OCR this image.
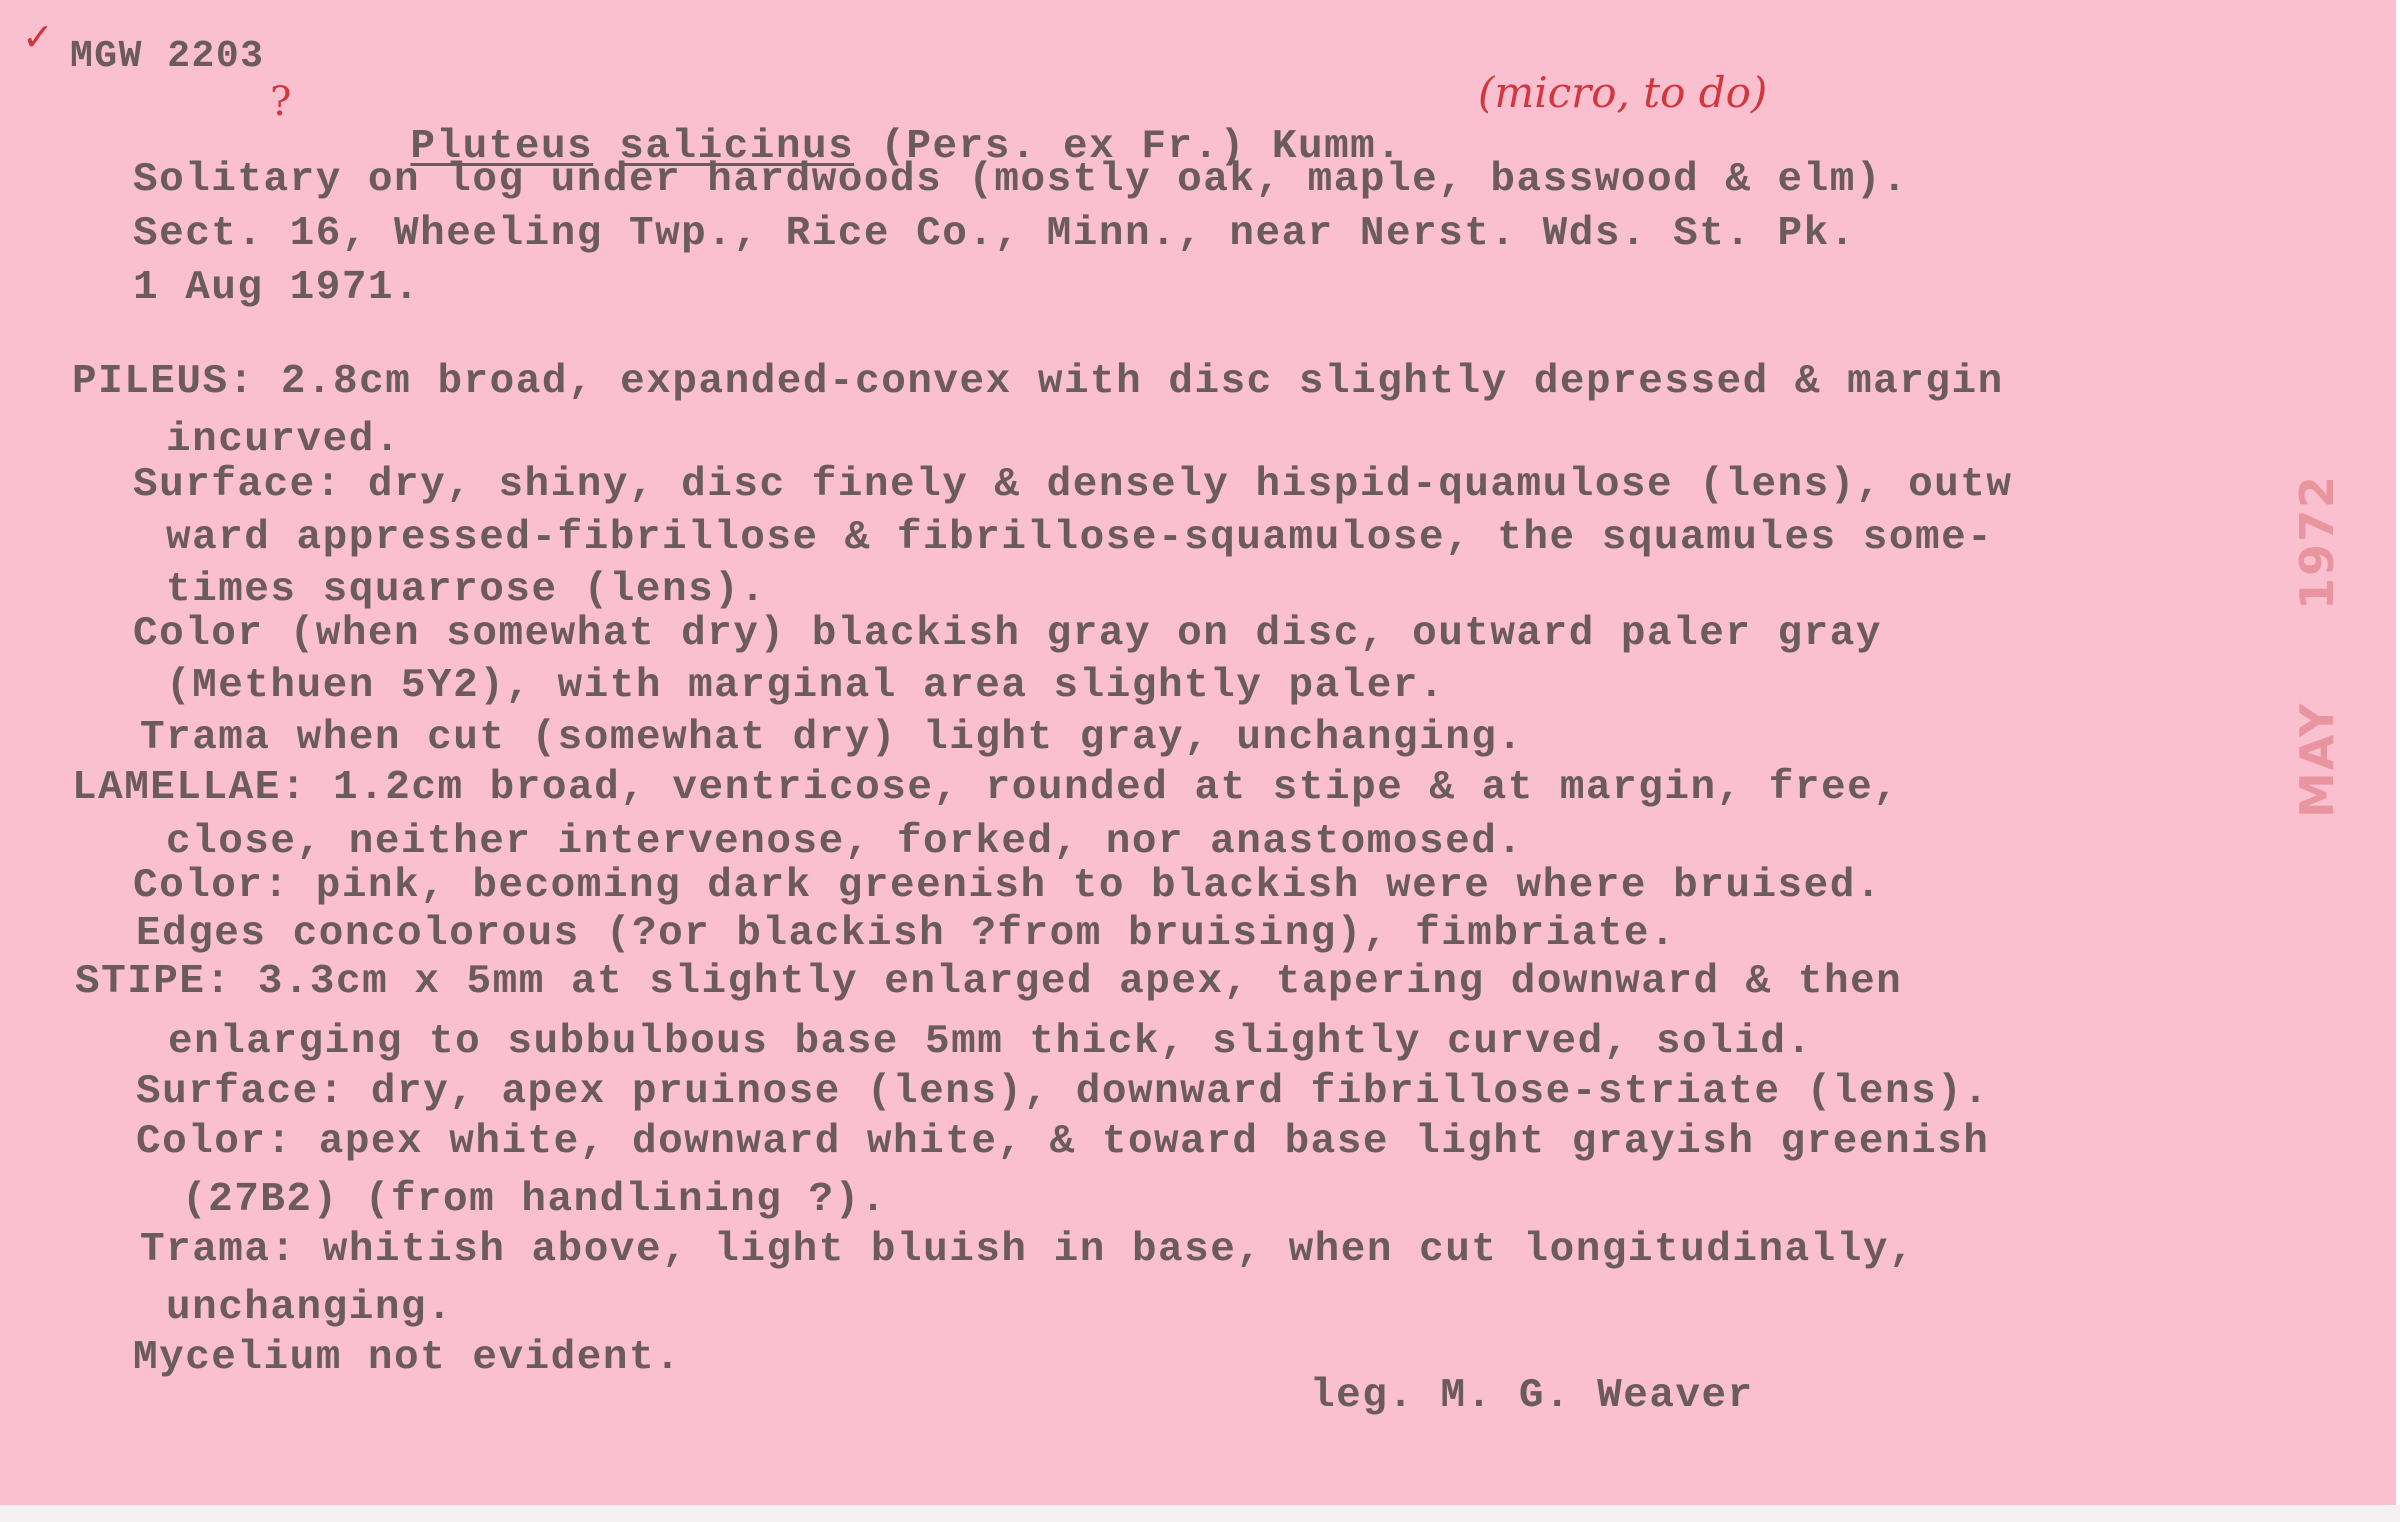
✓ MGW 2203
?

Pluteus salicinus (Pers. ex Fr.) Kumm.

(micro, to do)
Solitary on log under hardwoods (mostly oak, maple, basswood & elm).
Sect. 16, Wheeling Twp., Rice Co., Minn., near Nerst. Wds. St. Pk.
1 Aug 1971.
PILEUS: 2.8cm broad, expanded-convex with disc slightly depressed & margin
incurved.
Surface: dry, shiny, disc finely & densely hispid-quamulose (lens), outw
ward appressed-fibrillose & fibrillose-squamulose, the squamules some-
times squarrose (lens).
Color (when somewhat dry) blackish gray on disc, outward paler gray
(Methuen 5Y2), with marginal area slightly paler.
Trama when cut (somewhat dry) light gray, unchanging.
LAMELLAE: 1.2cm broad, ventricose, rounded at stipe & at margin, free,
close, neither intervenose, forked, nor anastomosed.
Color: pink, becoming dark greenish to blackish were where bruised.
Edges concolorous (?or blackish ?from bruising), fimbriate.
STIPE: 3.3cm x 5mm at slightly enlarged apex, tapering downward & then
enlarging to subbulbous base 5mm thick, slightly curved, solid.
Surface: dry, apex pruinose (lens), downward fibrillose-striate (lens).
Color: apex white, downward white, & toward base light grayish greenish
(27B2) (from handlining ?).
Trama: whitish above, light bluish in base, when cut longitudinally,
unchanging.
Mycelium not evident.
leg. M. G. Weaver
MAY
1972
